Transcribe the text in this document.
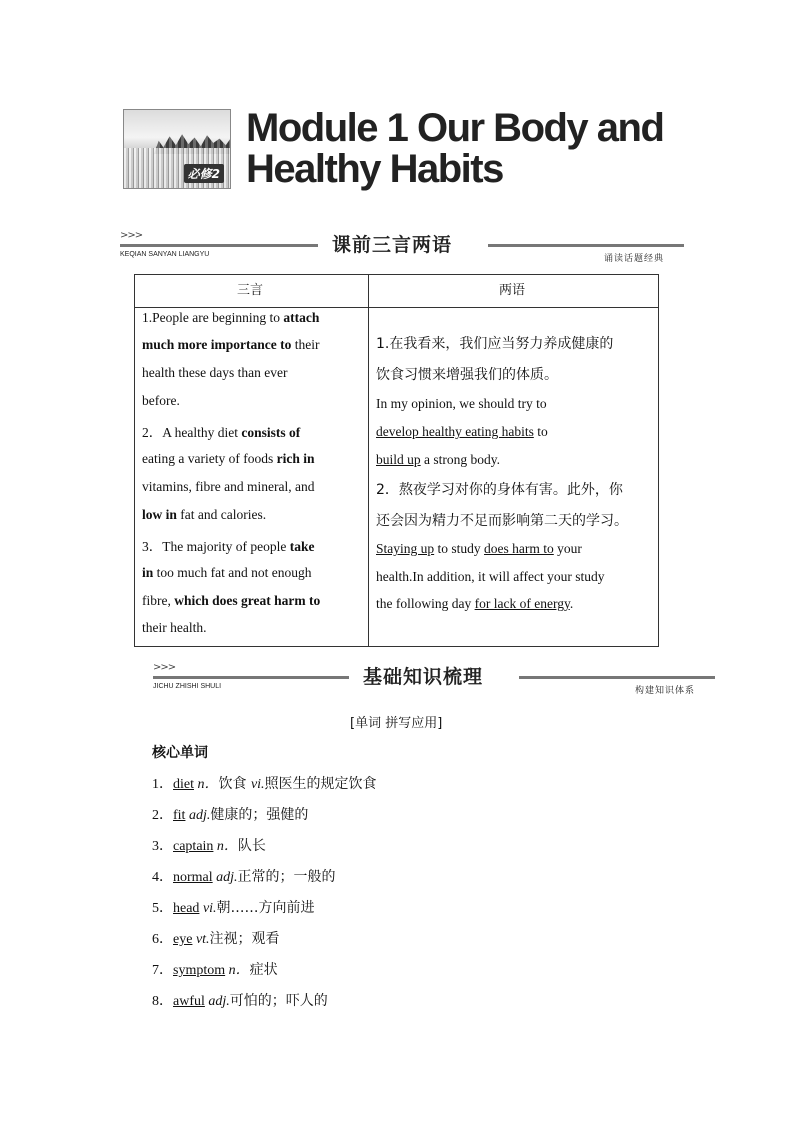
必修2
Module 1 Our Body and
Healthy Habits
>>>	课前三言两语
KEQIAN SANYAN LIANGYU	诵读话题经典
三言	两语
1.People are beginning to attach
much more importance to their
health these days than ever
before.
2．A healthy diet consists of
eating a variety of foods rich in
vitamins, fibre and mineral, and
low in fat and calories.
3．The majority of people take
in too much fat and not enough
fibre, which does great harm to
their health.
1.在我看来，我们应当努力养成健康的
饮食习惯来增强我们的体质。
In my opinion, we should try to
develop healthy eating habits to
build up a strong body.
2．熬夜学习对你的身体有害。此外，你
还会因为精力不足而影响第二天的学习。
Staying up to study does harm to your
health.In addition, it will affect your study
the following day for lack of energy.
>>>	基础知识梳理
JICHU ZHISHI SHULI	构建知识体系
[单词 拼写应用]
核心单词
1．diet n．饮食 vi.照医生的规定饮食
2．fit adj.健康的；强健的
3．captain n．队长
4．normal adj.正常的；一般的
5．head vi.朝……方向前进
6．eye vt.注视；观看
7．symptom n．症状
8．awful adj.可怕的；吓人的
